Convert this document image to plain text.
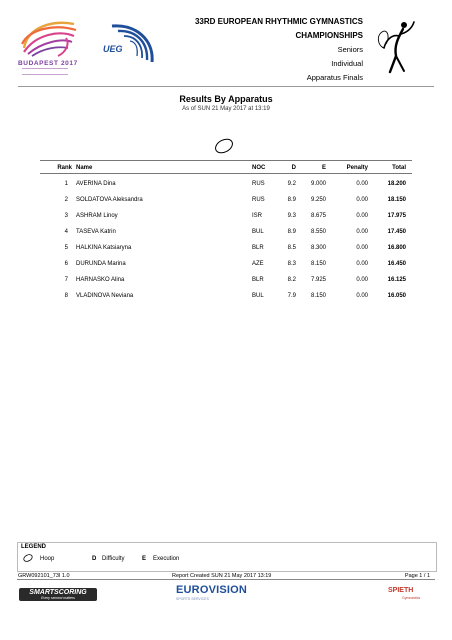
BUDAPEST 2017
UEG
33RD EUROPEAN RHYTHMIC GYMNASTICS
CHAMPIONSHIPS
Seniors
Individual
Apparatus Finals
Results By Apparatus
As of SUN 21 May 2017 at 13:19
Rank Name	NOC	D	E	Penalty	Total
1 AVERINA Dina	RUS	9.2	9.000	0.00	18.200
2 SOLDATOVA Aleksandra	RUS	8.9	9.250	0.00	18.150
3 ASHRAM Linoy	ISR	9.3	8.675	0.00	17.975
4 TASEVA Katrin	BUL	8.9	8.550	0.00	17.450
5 HALKINA Katsiaryna	BLR	8.5	8.300	0.00	16.800
6 DURUNDA Marina	AZE	8.3	8.150	0.00	16.450
7 HARNASKO Alina	BLR	8.2	7.925	0.00	16.125
8 VLADINOVA Neviana	BUL	7.9	8.150	0.00	16.050
LEGEND
Hoop	D Difficulty	E Execution
GRW092101_73I 1.0	Report Created SUN 21 May 2017 13:19	Page 1 / 1
SMARTSCORING
Every second matters
EUROVISION
SPORTS SERVICES
SPIETH
Gymnastics
